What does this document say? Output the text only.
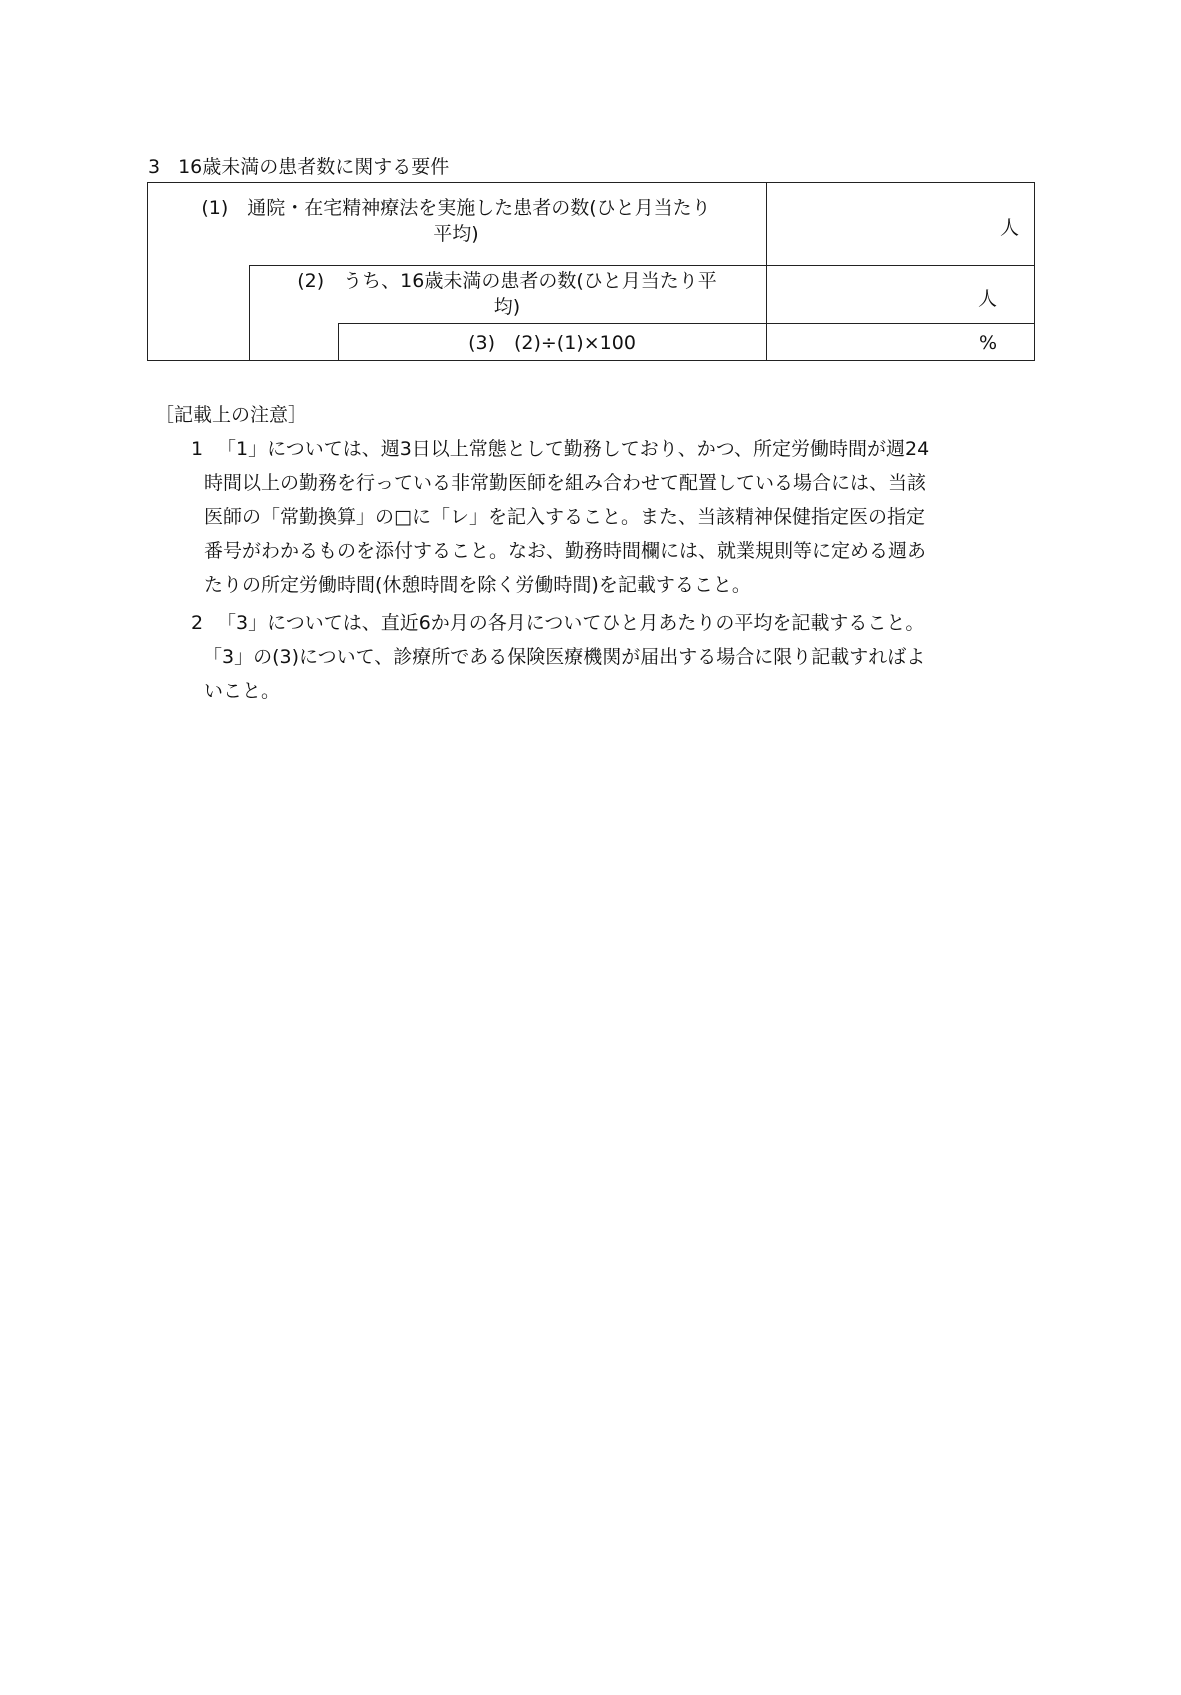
3 16歳未満の患者数に関する要件
(1)　通院・在宅精神療法を実施した患者の数(ひと月当たり
平均)	人
(2)　うち、16歳未満の患者の数(ひと月当たり平
均)	人
(3)　(2)÷(1)×100	%
［記載上の注意］
1 「1」については、週3日以上常態として勤務しており、かつ、所定労働時間が週24
時間以上の勤務を行っている非常勤医師を組み合わせて配置している場合には、当該
医師の「常勤換算」の□に「レ」を記入すること。また、当該精神保健指定医の指定
番号がわかるものを添付すること。なお、勤務時間欄には、就業規則等に定める週あ
たりの所定労働時間(休憩時間を除く労働時間)を記載すること。
2 「3」については、直近6か月の各月についてひと月あたりの平均を記載すること。
「3」の(3)について、診療所である保険医療機関が届出する場合に限り記載すればよ
いこと。
